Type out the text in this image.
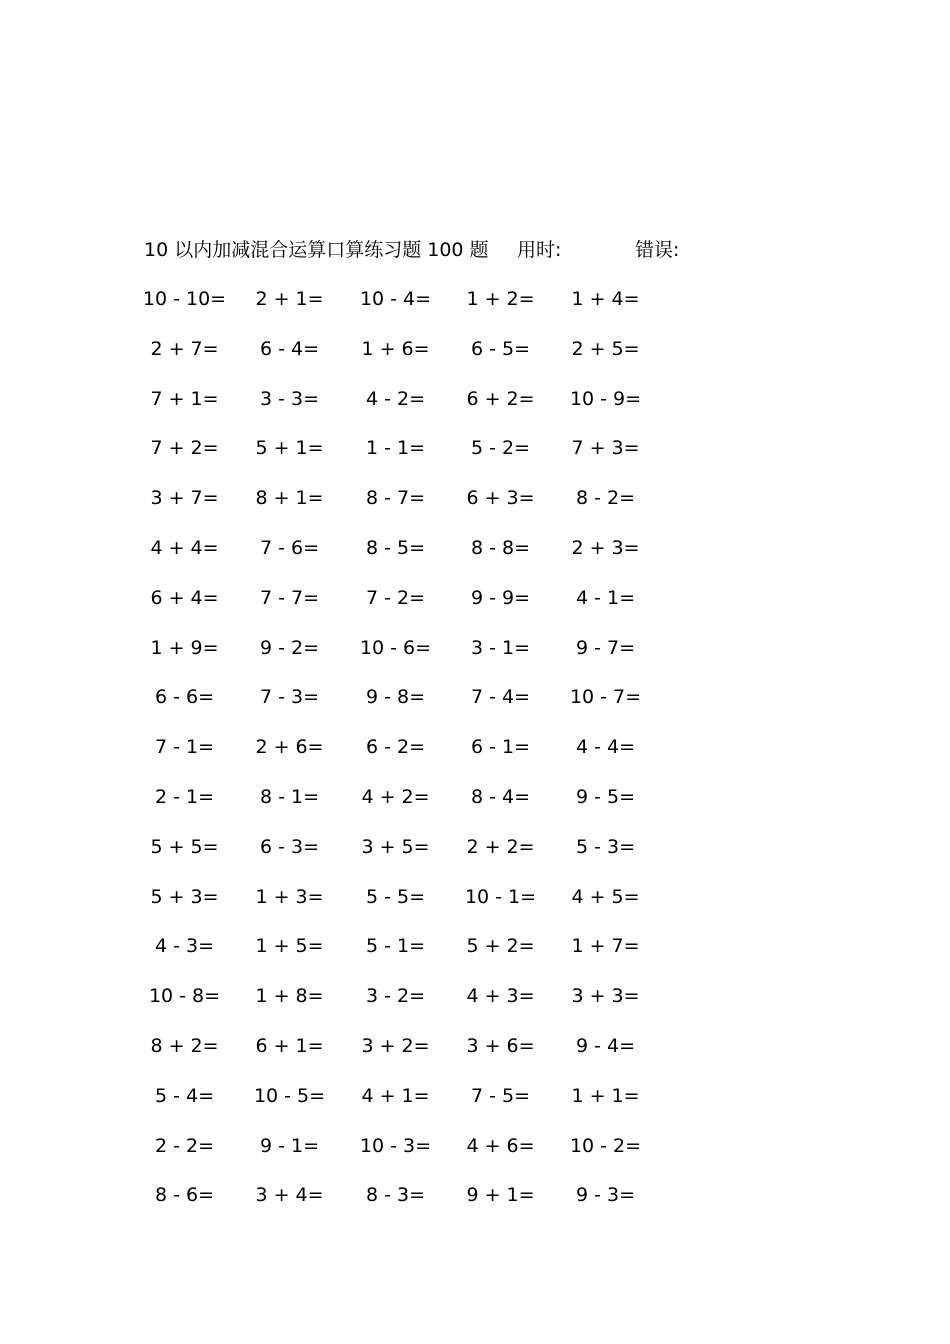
10 以内加减混合运算口算练习题 100 题 用时:	错误:
10 - 10=	2 + 1=	10 - 4=	1 + 2=	1 + 4=
2 + 7=	6 - 4=	1 + 6=	6 - 5=	2 + 5=
7 + 1=	3 - 3=	4 - 2=	6 + 2=	10 - 9=
7 + 2=	5 + 1=	1 - 1=	5 - 2=	7 + 3=
3 + 7=	8 + 1=	8 - 7=	6 + 3=	8 - 2=
4 + 4=	7 - 6=	8 - 5=	8 - 8=	2 + 3=
6 + 4=	7 - 7=	7 - 2=	9 - 9=	4 - 1=
1 + 9=	9 - 2=	10 - 6=	3 - 1=	9 - 7=
6 - 6=	7 - 3=	9 - 8=	7 - 4=	10 - 7=
7 - 1=	2 + 6=	6 - 2=	6 - 1=	4 - 4=
2 - 1=	8 - 1=	4 + 2=	8 - 4=	9 - 5=
5 + 5=	6 - 3=	3 + 5=	2 + 2=	5 - 3=
5 + 3=	1 + 3=	5 - 5=	10 - 1=	4 + 5=
4 - 3=	1 + 5=	5 - 1=	5 + 2=	1 + 7=
10 - 8=	1 + 8=	3 - 2=	4 + 3=	3 + 3=
8 + 2=	6 + 1=	3 + 2=	3 + 6=	9 - 4=
5 - 4=	10 - 5=	4 + 1=	7 - 5=	1 + 1=
2 - 2=	9 - 1=	10 - 3=	4 + 6=	10 - 2=
8 - 6=	3 + 4=	8 - 3=	9 + 1=	9 - 3=
